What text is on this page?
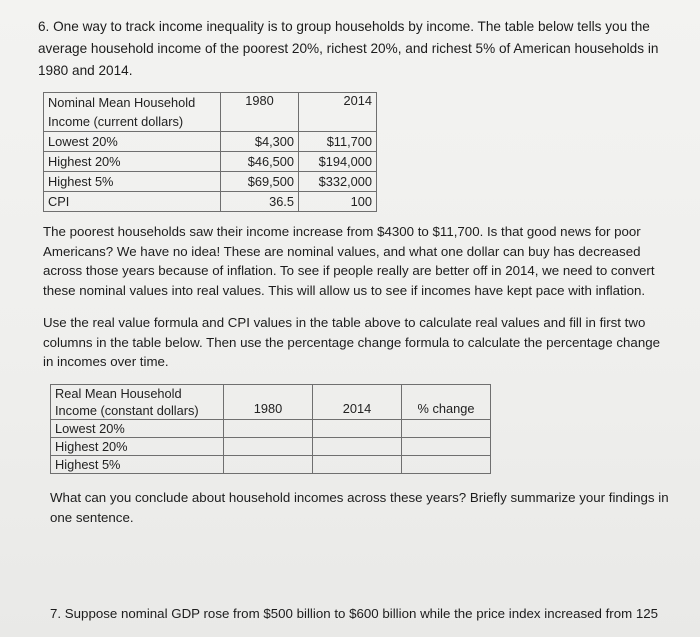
6. One way to track income inequality is to group households by income. The table below tells you the average household income of the poorest 20%, richest 20%, and richest 5% of American households in 1980 and 2014.
Nominal Mean Household Income (current dollars)	1980	2014
Lowest 20%	$4,300	$11,700
Highest 20%	$46,500	$194,000
Highest 5%	$69,500	$332,000
CPI	36.5	100
The poorest households saw their income increase from $4300 to $11,700. Is that good news for poor Americans? We have no idea! These are nominal values, and what one dollar can buy has decreased across those years because of inflation. To see if people really are better off in 2014, we need to convert these nominal values into real values. This will allow us to see if incomes have kept pace with inflation.
Use the real value formula and CPI values in the table above to calculate real values and fill in first two columns in the table below. Then use the percentage change formula to calculate the percentage change in incomes over time.
Real Mean Household Income (constant dollars)	1980	2014	% change
Lowest 20%			
Highest 20%			
Highest 5%			
What can you conclude about household incomes across these years? Briefly summarize your findings in one sentence.
7. Suppose nominal GDP rose from $500 billion to $600 billion while the price index increased from 125
